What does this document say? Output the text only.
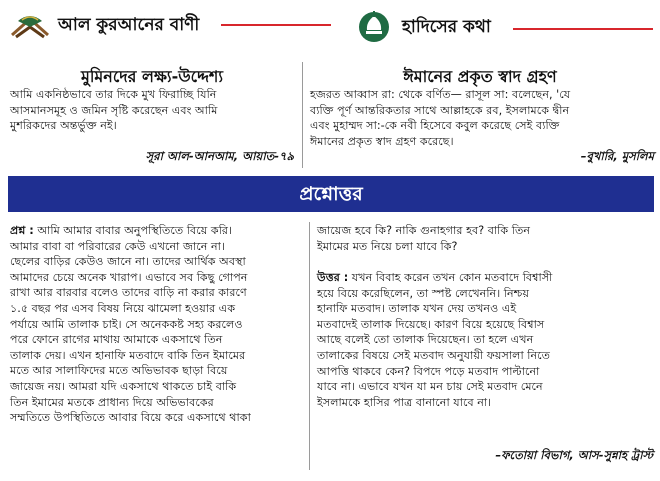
আল কুরআনের বাণী	হাদিসের কথা
মুমিনদের লক্ষ্য-উদ্দেশ্য
আমি একনিষ্ঠভাবে তার দিকে মুখ ফিরাচ্ছি যিনি
আসমানসমূহ ও জমিন সৃষ্টি করেছেন এবং আমি
মুশরিকদের অন্তর্ভুক্ত নই।
সূরা আল-আনআম, আয়াত-৭৯
ঈমানের প্রকৃত স্বাদ গ্রহণ
হজরত আব্বাস রা: থেকে বর্ণিত— রাসূল সা: বলেছেন, 'যে
ব্যক্তি পূর্ণ আন্তরিকতার সাথে আল্লাহকে রব, ইসলামকে দ্বীন
এবং মুহাম্মদ সা:-কে নবী হিসেবে কবুল করেছে সেই ব্যক্তি
ঈমানের প্রকৃত স্বাদ গ্রহণ করেছে।
–বুখারি, মুসলিম
প্রশ্নোত্তর
প্রশ্ন : আমি আমার বাবার অনুপস্থিতিতে বিয়ে করি।
আমার বাবা বা পরিবারের কেউ এখনো জানে না।
ছেলের বাড়ির কেউও জানে না। তাদের আর্থিক অবস্থা
আমাদের চেয়ে অনেক খারাপ। এভাবে সব কিছু গোপন
রাখা আর বারবার বলেও তাদের বাড়ি না করার কারণে
১.৫ বছর পর এসব বিষয় নিয়ে ঝামেলা হওয়ার এক
পর্যায়ে আমি তালাক চাই। সে অনেককষ্ট সহ্য করলেও
পরে ফোনে রাগের মাথায় আমাকে একসাথে তিন
তালাক দেয়। এখন হানাফি মতবাদে বাকি তিন ইমামের
মতে আর সালাফিদের মতে অভিভাবক ছাড়া বিয়ে
জায়েজ নয়। আমরা যদি একসাথে থাকতে চাই বাকি
তিন ইমামের মতকে প্রাধান্য দিয়ে অভিভাবকের
সম্মতিতে উপস্থিতিতে আবার বিয়ে করে একসাথে থাকা
জায়েজ হবে কি? নাকি গুনাহগার হব? বাকি তিন
ইমামের মত নিয়ে চলা যাবে কি?
উত্তর : যখন বিবাহ করেন তখন কোন মতবাদে বিশ্বাসী
হয়ে বিয়ে করেছিলেন, তা স্পষ্ট লেখেননি। নিশ্চয়
হানাফি মতবাদ। তালাক যখন দেয় তখনও এই
মতবাদেই তালাক দিয়েছে। কারণ বিয়ে হয়েছে বিশ্বাস
আছে বলেই তো তালাক দিয়েছেন। তা হলে এখন
তালাকের বিষয়ে সেই মতবাদ অনুযায়ী ফয়সালা নিতে
আপত্তি থাকবে কেন? বিপদে পড়ে মতবাদ পাল্টানো
যাবে না। এভাবে যখন যা মন চায় সেই মতবাদ মেনে
ইসলামকে হাসির পাত্র বানানো যাবে না।
–ফতোয়া বিভাগ, আস-সুন্নাহ ট্রাস্ট
